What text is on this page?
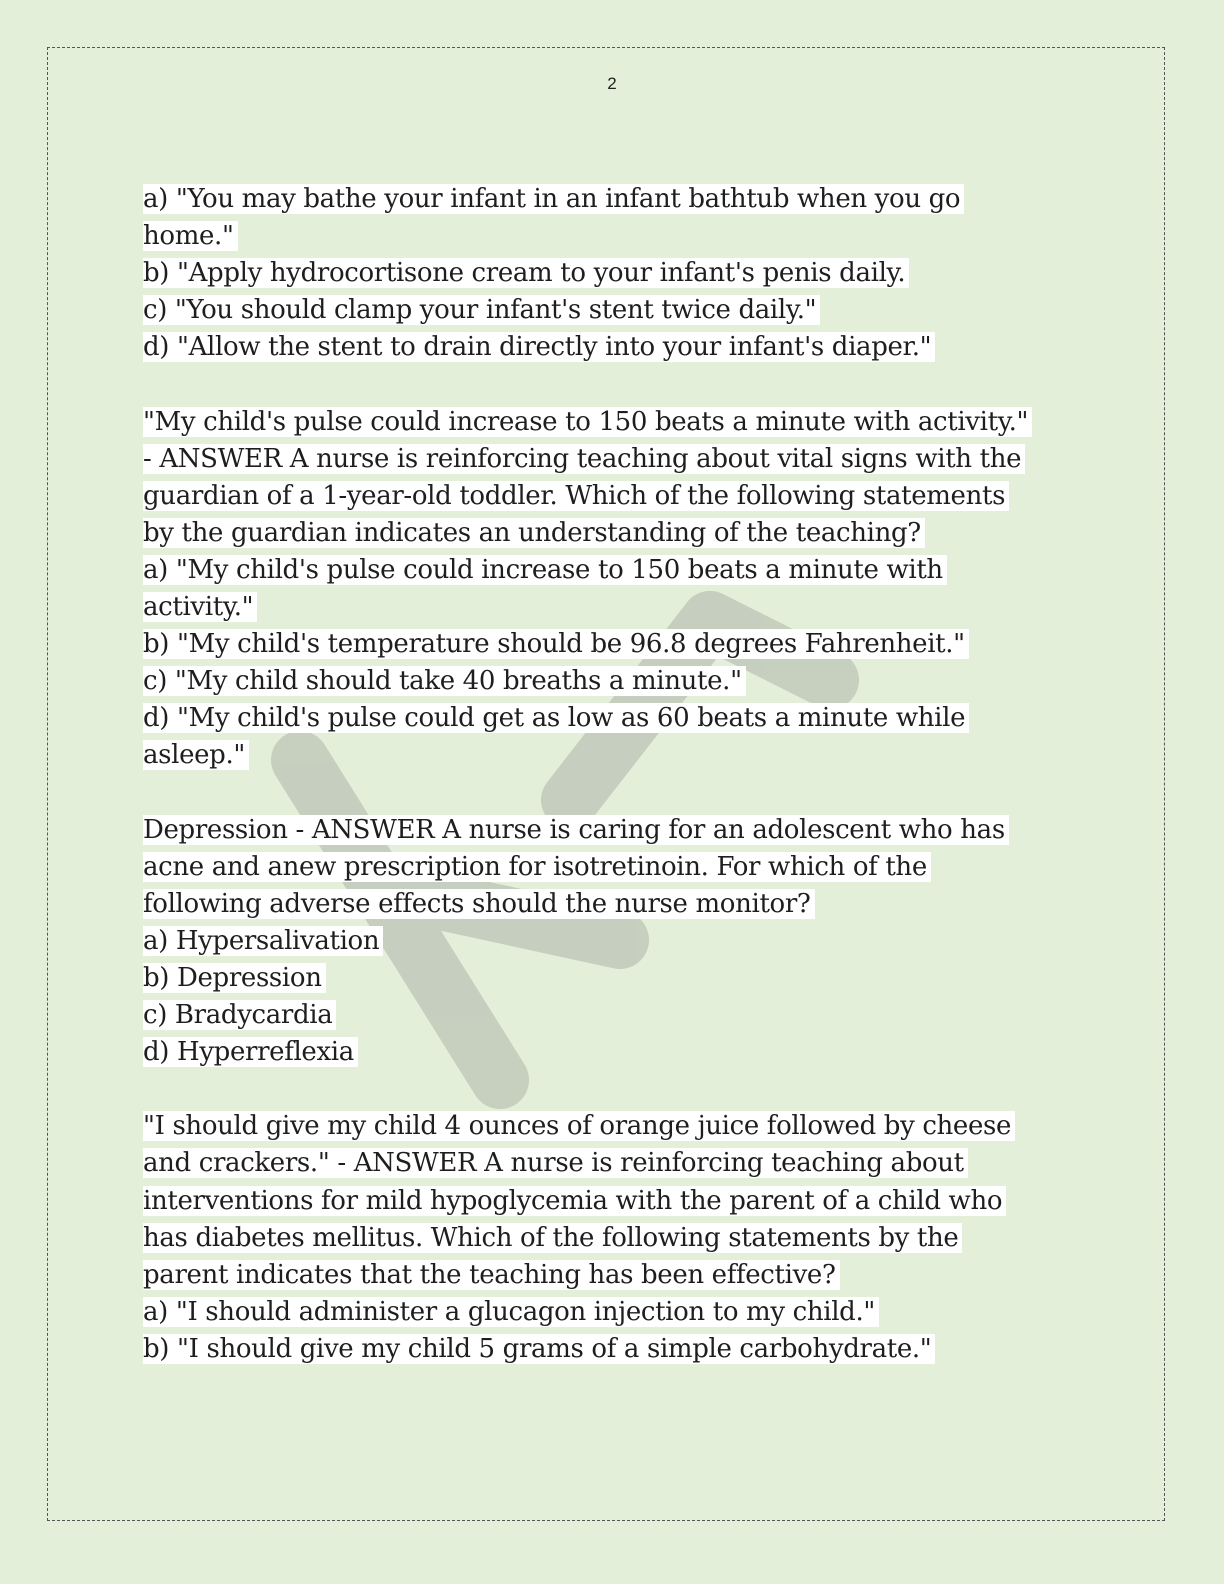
2
a) "You may bathe your infant in an infant bathtub when you go
home."
b) "Apply hydrocortisone cream to your infant's penis daily.
c) "You should clamp your infant's stent twice daily."
d) "Allow the stent to drain directly into your infant's diaper."
"My child's pulse could increase to 150 beats a minute with activity."
- ANSWER A nurse is reinforcing teaching about vital signs with the
guardian of a 1-year-old toddler. Which of the following statements
by the guardian indicates an understanding of the teaching?
a) "My child's pulse could increase to 150 beats a minute with
activity."
b) "My child's temperature should be 96.8 degrees Fahrenheit."
c) "My child should take 40 breaths a minute."
d) "My child's pulse could get as low as 60 beats a minute while
asleep."
Depression - ANSWER A nurse is caring for an adolescent who has
acne and anew prescription for isotretinoin. For which of the
following adverse effects should the nurse monitor?
a) Hypersalivation
b) Depression
c) Bradycardia
d) Hyperreflexia
"I should give my child 4 ounces of orange juice followed by cheese
and crackers." - ANSWER A nurse is reinforcing teaching about
interventions for mild hypoglycemia with the parent of a child who
has diabetes mellitus. Which of the following statements by the
parent indicates that the teaching has been effective?
a) "I should administer a glucagon injection to my child."
b) "I should give my child 5 grams of a simple carbohydrate."
